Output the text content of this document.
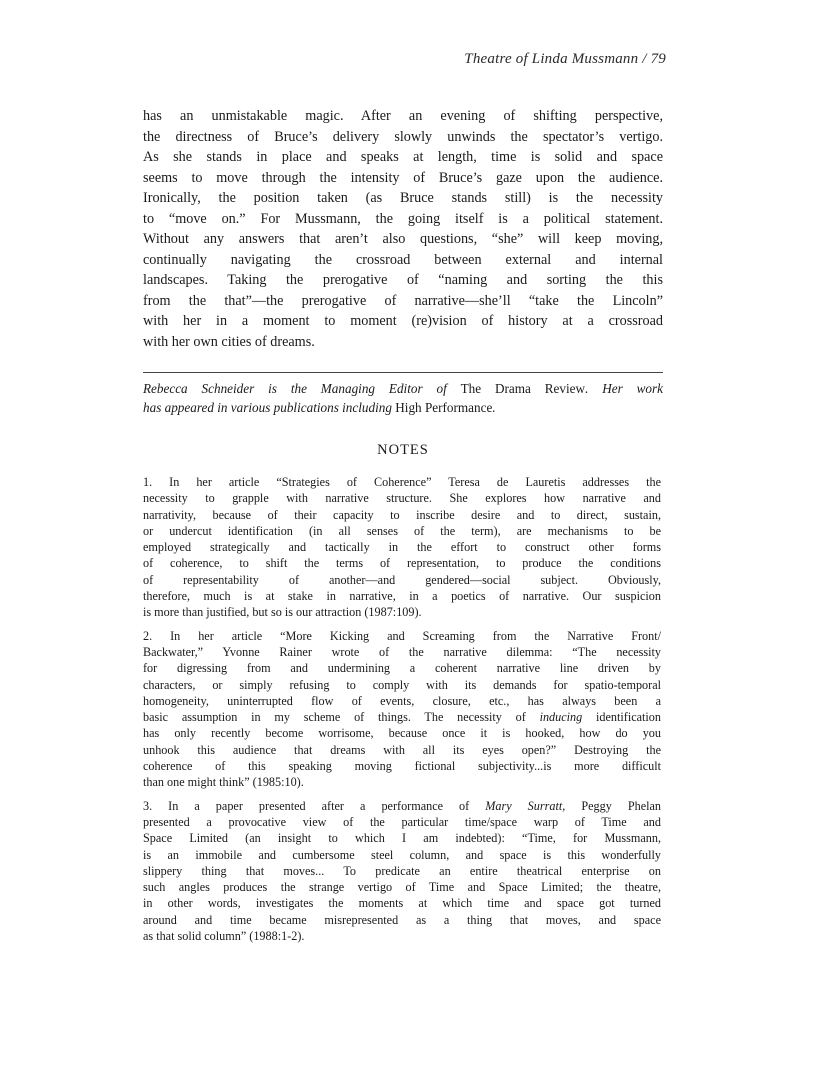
Theatre of Linda Mussmann / 79
has an unmistakable magic. After an evening of shifting perspective,
the directness of Bruce’s delivery slowly unwinds the spectator’s vertigo.
As she stands in place and speaks at length, time is solid and space
seems to move through the intensity of Bruce’s gaze upon the audience.
Ironically, the position taken (as Bruce stands still) is the necessity
to “move on.” For Mussmann, the going itself is a political statement.
Without any answers that aren’t also questions, “she” will keep moving,
continually navigating the crossroad between external and internal
landscapes. Taking the prerogative of “naming and sorting the this
from the that”—the prerogative of narrative—she’ll “take the Lincoln”
with her in a moment to moment (re)vision of history at a crossroad
with her own cities of dreams.
Rebecca Schneider is the Managing Editor of The Drama Review. Her work
has appeared in various publications including High Performance.
NOTES
1. In her article “Strategies of Coherence” Teresa de Lauretis addresses the
necessity to grapple with narrative structure. She explores how narrative and
narrativity, because of their capacity to inscribe desire and to direct, sustain,
or undercut identification (in all senses of the term), are mechanisms to be
employed strategically and tactically in the effort to construct other forms
of coherence, to shift the terms of representation, to produce the conditions
of representability of another—and gendered—social subject. Obviously,
therefore, much is at stake in narrative, in a poetics of narrative. Our suspicion
is more than justified, but so is our attraction (1987:109).
2. In her article “More Kicking and Screaming from the Narrative Front/
Backwater,” Yvonne Rainer wrote of the narrative dilemma: “The necessity
for digressing from and undermining a coherent narrative line driven by
characters, or simply refusing to comply with its demands for spatio-temporal
homogeneity, uninterrupted flow of events, closure, etc., has always been a
basic assumption in my scheme of things. The necessity of inducing identification
has only recently become worrisome, because once it is hooked, how do you
unhook this audience that dreams with all its eyes open?” Destroying the
coherence of this speaking moving fictional subjectivity...is more difficult
than one might think” (1985:10).
3. In a paper presented after a performance of Mary Surratt, Peggy Phelan
presented a provocative view of the particular time/space warp of Time and
Space Limited (an insight to which I am indebted): “Time, for Mussmann,
is an immobile and cumbersome steel column, and space is this wonderfully
slippery thing that moves... To predicate an entire theatrical enterprise on
such angles produces the strange vertigo of Time and Space Limited; the theatre,
in other words, investigates the moments at which time and space got turned
around and time became misrepresented as a thing that moves, and space
as that solid column” (1988:1-2).
